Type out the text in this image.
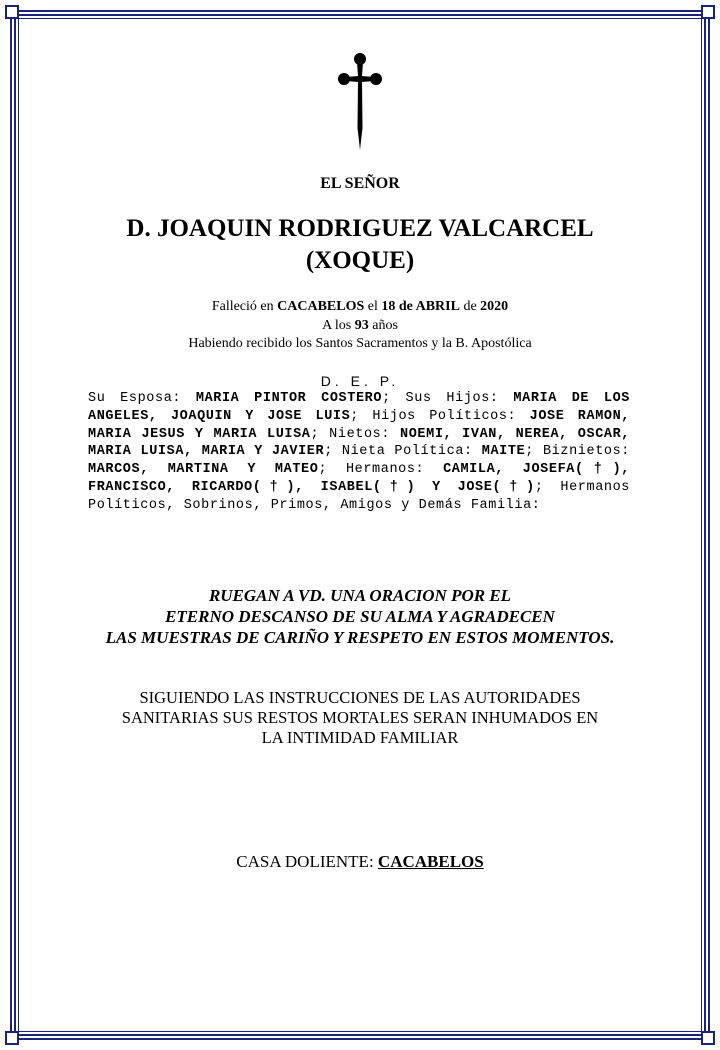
EL SEÑOR
D. JOAQUIN RODRIGUEZ VALCARCEL
(XOQUE)
Falleció en CACABELOS el 18 de ABRIL de 2020
A los 93 años
Habiendo recibido los Santos Sacramentos y la B. Apostólica
D. E. P.
Su Esposa: MARIA PINTOR COSTERO; Sus Hijos: MARIA DE LOS ANGELES, JOAQUIN Y JOSE LUIS; Hijos Políticos: JOSE RAMON, MARIA JESUS Y MARIA LUISA; Nietos: NOEMI, IVAN, NEREA, OSCAR, MARIA LUISA, MARIA Y JAVIER; Nieta Política: MAITE; Biznietos: MARCOS, MARTINA Y MATEO; Hermanos: CAMILA, JOSEFA(†), FRANCISCO, RICARDO(†), ISABEL(†) Y JOSE(†); Hermanos Políticos, Sobrinos, Primos, Amigos y Demás Familia:
RUEGAN A VD. UNA ORACION POR EL
ETERNO DESCANSO DE SU ALMA Y AGRADECEN
LAS MUESTRAS DE CARIÑO Y RESPETO EN ESTOS MOMENTOS.
SIGUIENDO LAS INSTRUCCIONES DE LAS AUTORIDADES
SANITARIAS SUS RESTOS MORTALES SERAN INHUMADOS EN
LA INTIMIDAD FAMILIAR
CASA DOLIENTE: CACABELOS
